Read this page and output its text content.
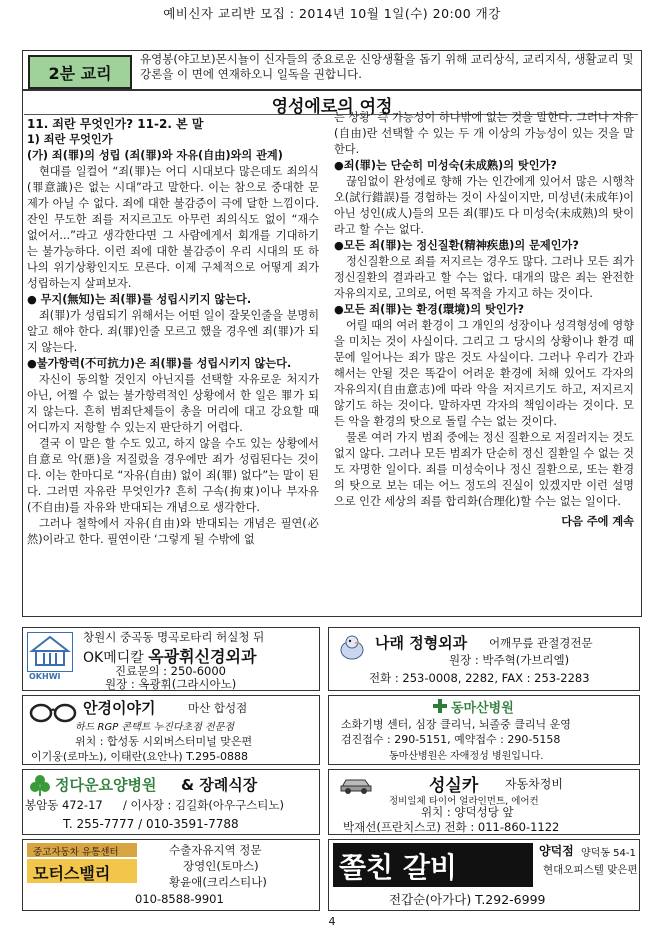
예비신자 교리반 모집 : 2014년 10월 1일(수) 20:00 개강
2분 교리
유영봉(야고보)몬시뇰이 신자들의 중요로운 신앙생활을 돕기 위해 교리상식, 교리지식, 생활교리 및 강론을 이 면에 연재하오니 일독을 권합니다.
영성에로의 여정

11. 죄란 무엇인가? 11-2. 본 말

1) 죄란 무엇인가

(가) 죄(罪)의 성립 (죄(罪)와 자유(自由)와의 관계)

현대를 일컬어 “죄(罪)는 어디 시대보다 많은데도 죄의식(罪意識)은 없는 시대”라고 말한다. 이는 참으로 중대한 문제가 아닐 수 없다. 죄에 대한 불감증이 극에 달한 느낌이다. 잔인 무도한 죄를 저지르고도 아무런 죄의식도 없이 “재수 없어서...”라고 생각한다면 그 사람에게서 회개를 기대하기는 불가능하다. 이런 죄에 대한 불감증이 우리 시대의 또 하나의 위기상황인지도 모른다. 이제 구체적으로 어떻게 죄가 성립하는지 살펴보자.

● 무지(無知)는 죄(罪)를 성립시키지 않는다.

죄(罪)가 성립되기 위해서는 어떤 일이 잘못인줄을 분명히 알고 해야 한다. 죄(罪)인줄 모르고 했을 경우엔 죄(罪)가 되지 않는다.

●불가항력(不可抗力)은 죄(罪)를 성립시키지 않는다.

자신이 동의할 것인지 아닌지를 선택할 자유로운 처지가 아닌, 어쩔 수 없는 불가항력적인 상황에서 한 일은 罪가 되지 않는다. 흔히 범죄단체들이 총을 머리에 대고 강요할 때 어디까지 저항할 수 있는지 판단하기 어렵다.

결국 이 말은 할 수도 있고, 하지 않을 수도 있는 상황에서 自意로 악(惡)을 저질렀을 경우에만 죄가 성립된다는 것이다. 이는 한마디로 “자유(自由) 없이 죄(罪) 없다”는 말이 된다. 그러면 자유란 무엇인가? 흔히 구속(拘束)이나 부자유(不自由)를 자유와 반대되는 개념으로 생각한다.

그러나 철학에서 자유(自由)와 반대되는 개념은 필연(必然)이라고 한다. 필연이란 ‘그렇게 될 수밖에 없

는 상황’ 즉 가능성이 하나밖에 없는 것을 말한다. 그러나 자유(自由)란 선택할 수 있는 두 개 이상의 가능성이 있는 것을 말한다.

●죄(罪)는 단순히 미성숙(未成熟)의 탓인가?

끊임없이 완성에로 향해 가는 인간에게 있어서 많은 시행착오(試行錯誤)를 경험하는 것이 사실이지만, 미성년(未成年)이 아닌 성인(成人)들의 모든 죄(罪)도 다 미성숙(未成熟)의 탓이라고 할 수는 없다.

●모든 죄(罪)는 정신질환(精神疾患)의 문제인가?

정신질환으로 죄를 저지르는 경우도 많다. 그러나 모든 죄가 정신질환의 결과라고 할 수는 없다. 대개의 많은 죄는 완전한 자유의지로, 고의로, 어떤 목적을 가지고 하는 것이다.

●모든 죄(罪)는 환경(環境)의 탓인가?

어릴 때의 여러 환경이 그 개인의 성장이나 성격형성에 영향을 미치는 것이 사실이다. 그리고 그 당시의 상황이나 환경 때문에 일어나는 죄가 많은 것도 사실이다. 그러나 우리가 간과해서는 안될 것은 똑같이 어려운 환경에 처해 있어도 각자의 자유의지(自由意志)에 따라 악을 저지르기도 하고, 저지르지 않기도 하는 것이다. 말하자면 각자의 책임이라는 것이다. 모든 악을 환경의 탓으로 돌릴 수는 없는 것이다.

물론 여러 가지 범죄 중에는 정신 질환으로 저질러지는 것도 없지 않다. 그러나 모든 범죄가 단순히 정신 질환일 수 없는 것도 자명한 일이다. 죄를 미성숙이나 정신 질환으로, 또는 환경의 탓으로 보는 데는 어느 정도의 진실이 있겠지만 이런 설명으로 인간 세상의 죄를 합리화(合理化)할 수는 없는 일이다.

다음 주에 계속

OKHWI
창원시 중곡동 명곡로타리 허실청 뒤
OK메디칼 옥광휘신경외과
진료문의 : 250-6000
원장 : 옥광휘(그라시아노)
나래 정형외과 어깨무릎 관절경전문
원장 : 박주혁(가브리엘)
전화 : 253-0008, 2282, FAX : 253-2283
안경이야기	마산 합성점
하드 RGP 콘택트 누진다초점 전문점
위치 : 합성동 시외버스터미널 맞은편
이기웅(로마노), 이태란(요안나) T.295-0888
동마산병원
소화기병 센터, 심장 클리닉, 뇌졸중 클리닉 운영
검진접수 : 290-5151, 예약접수 : 290-5158
동마산병원은 자애정성 병원입니다.
정다운요양병원 & 장례식장
봉암동 472-17 / 이사장 : 김길화(아우구스티노)
T. 255-7777 / 010-3591-7788
성실카 자동차정비
정비일체 타이어 얼라인먼트, 에어컨
위치 : 양덕성당 앞
박재선(프란치스코) 전화 : 011-860-1122
중고자동차 유통센터
모터스밸리
수출자유지역 정문
장영인(토마스)
황윤애(크리스티나)
010-8588-9901
쫄친 갈비	양덕점 양덕동 54-1
현대오피스텔 맞은편
전갑순(아가다) T.292-6999
4
